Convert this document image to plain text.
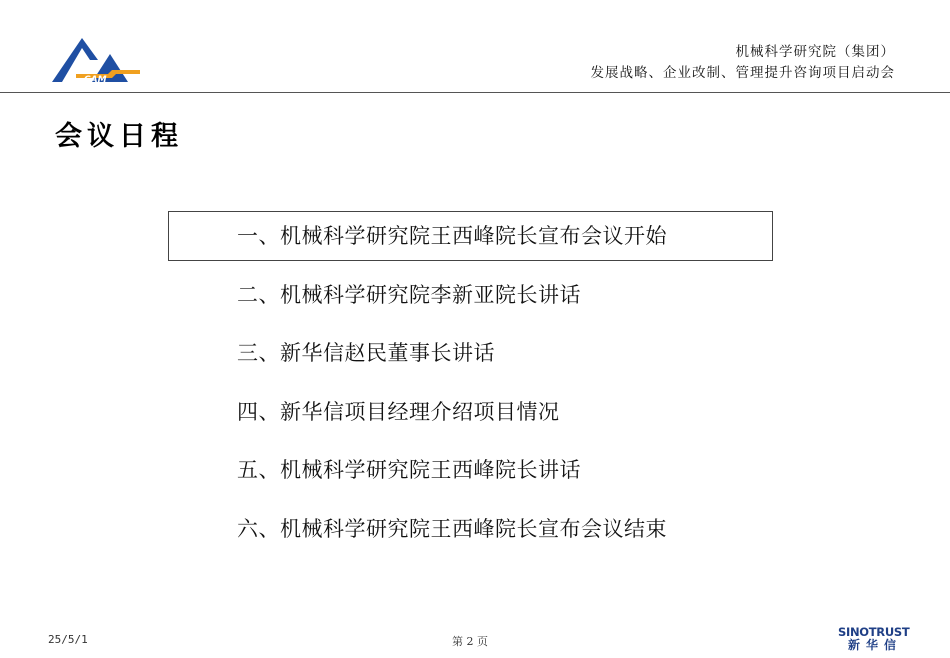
CAM
机械科学研究院（集团）
发展战略、企业改制、管理提升咨询项目启动会
会议日程
一、机械科学研究院王西峰院长宣布会议开始
二、机械科学研究院李新亚院长讲话
三、新华信赵民董事长讲话
四、新华信项目经理介绍项目情况
五、机械科学研究院王西峰院长讲话
六、机械科学研究院王西峰院长宣布会议结束
25/5/1	第 2 页
SINOTRUST
新华信
